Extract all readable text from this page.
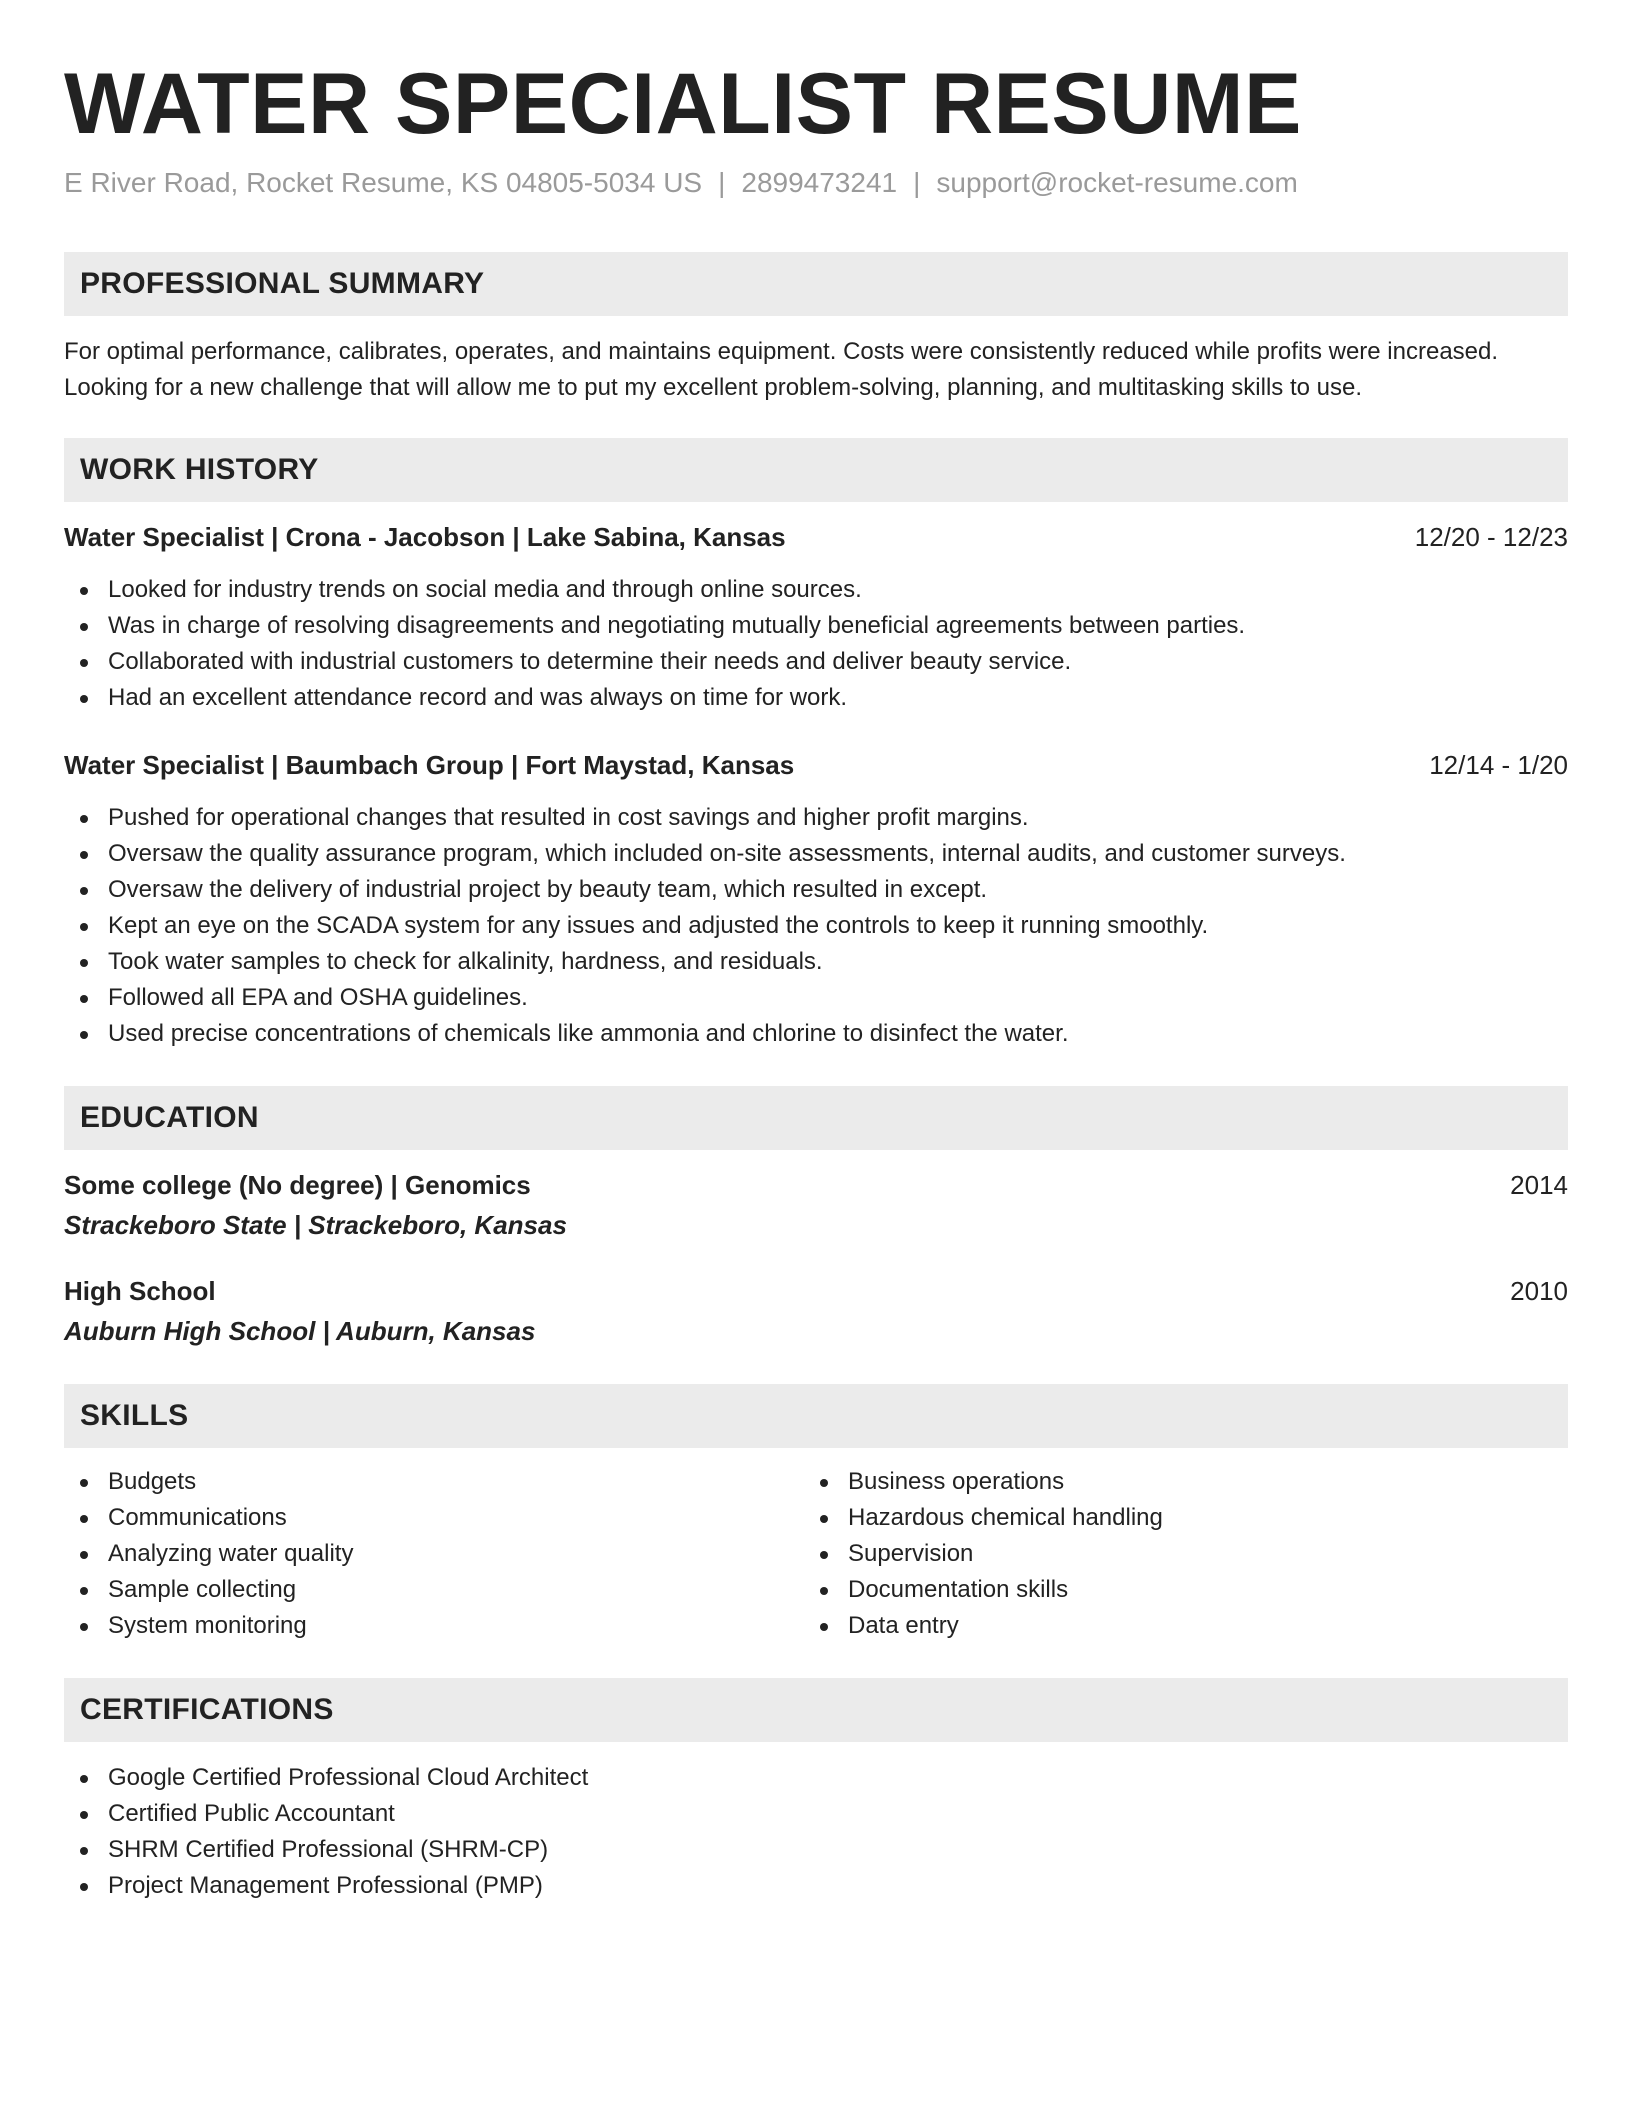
WATER SPECIALIST RESUME
E River Road, Rocket Resume, KS 04805-5034 US | 2899473241 | support@rocket-resume.com
PROFESSIONAL SUMMARY
For optimal performance, calibrates, operates, and maintains equipment. Costs were consistently reduced while profits were increased.
Looking for a new challenge that will allow me to put my excellent problem-solving, planning, and multitasking skills to use.
WORK HISTORY
Water Specialist | Crona - Jacobson | Lake Sabina, Kansas	12/20 - 12/23
Looked for industry trends on social media and through online sources.
Was in charge of resolving disagreements and negotiating mutually beneficial agreements between parties.
Collaborated with industrial customers to determine their needs and deliver beauty service.
Had an excellent attendance record and was always on time for work.
Water Specialist | Baumbach Group | Fort Maystad, Kansas	12/14 - 1/20
Pushed for operational changes that resulted in cost savings and higher profit margins.
Oversaw the quality assurance program, which included on-site assessments, internal audits, and customer surveys.
Oversaw the delivery of industrial project by beauty team, which resulted in except.
Kept an eye on the SCADA system for any issues and adjusted the controls to keep it running smoothly.
Took water samples to check for alkalinity, hardness, and residuals.
Followed all EPA and OSHA guidelines.
Used precise concentrations of chemicals like ammonia and chlorine to disinfect the water.
EDUCATION
Some college (No degree) | Genomics	2014
Strackeboro State | Strackeboro, Kansas
High School	2010
Auburn High School | Auburn, Kansas
SKILLS
Budgets
Communications
Analyzing water quality
Sample collecting
System monitoring
Business operations
Hazardous chemical handling
Supervision
Documentation skills
Data entry
CERTIFICATIONS
Google Certified Professional Cloud Architect
Certified Public Accountant
SHRM Certified Professional (SHRM-CP)
Project Management Professional (PMP)
